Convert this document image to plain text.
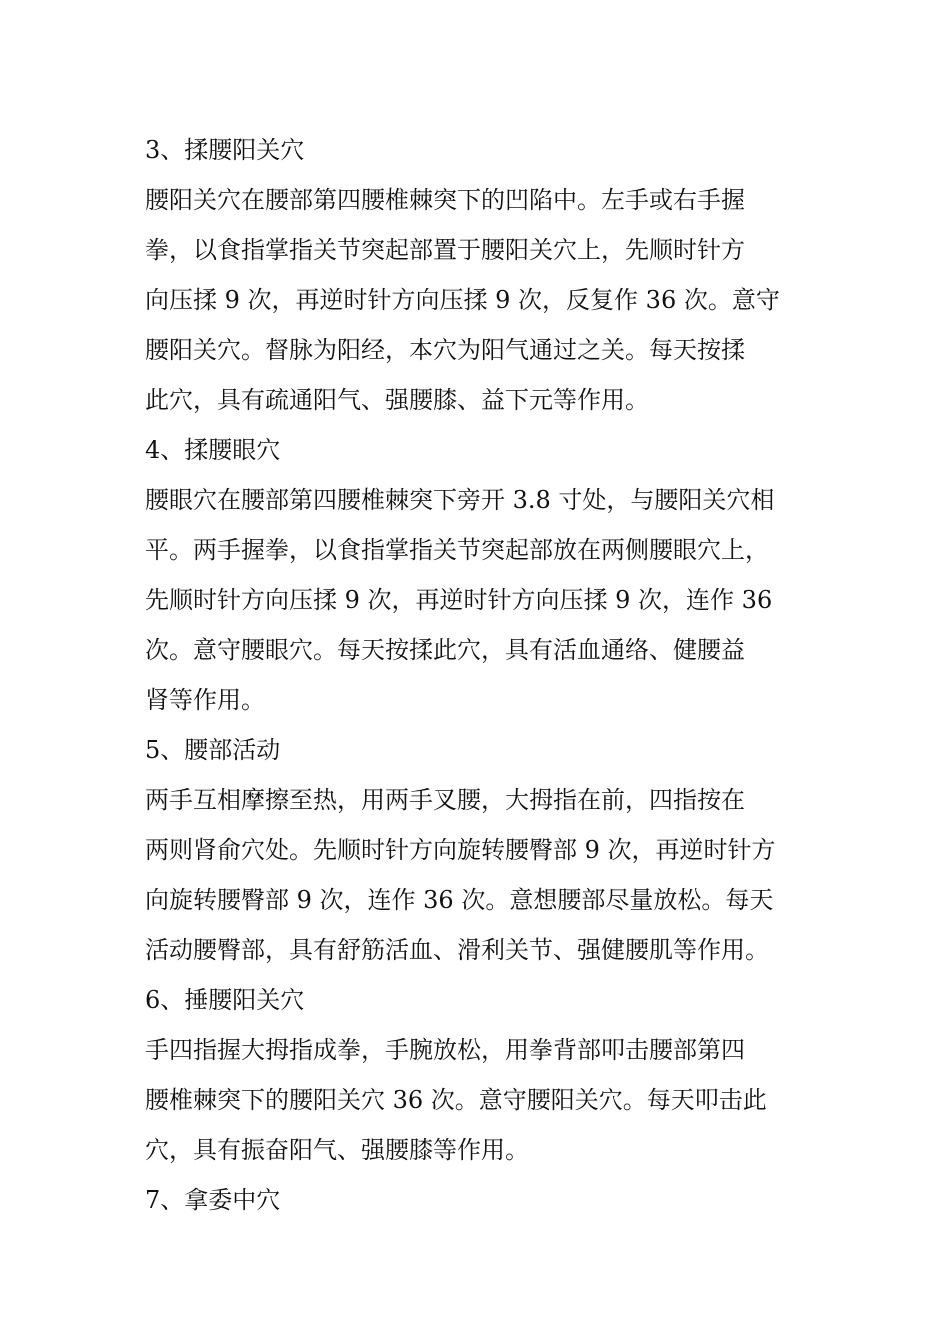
3、揉腰阳关穴
腰阳关穴在腰部第四腰椎棘突下的凹陷中。左手或右手握
拳，以食指掌指关节突起部置于腰阳关穴上，先顺时针方
向压揉 9 次，再逆时针方向压揉 9 次，反复作 36 次。意守
腰阳关穴。督脉为阳经，本穴为阳气通过之关。每天按揉
此穴，具有疏通阳气、强腰膝、益下元等作用。
4、揉腰眼穴
腰眼穴在腰部第四腰椎棘突下旁开 3.8 寸处，与腰阳关穴相
平。两手握拳，以食指掌指关节突起部放在两侧腰眼穴上，
先顺时针方向压揉 9 次，再逆时针方向压揉 9 次，连作 36
次。意守腰眼穴。每天按揉此穴，具有活血通络、健腰益
肾等作用。
5、腰部活动
两手互相摩擦至热，用两手叉腰，大拇指在前，四指按在
两则肾俞穴处。先顺时针方向旋转腰臀部 9 次，再逆时针方
向旋转腰臀部 9 次，连作 36 次。意想腰部尽量放松。每天
活动腰臀部，具有舒筋活血、滑利关节、强健腰肌等作用。
6、捶腰阳关穴
手四指握大拇指成拳，手腕放松，用拳背部叩击腰部第四
腰椎棘突下的腰阳关穴 36 次。意守腰阳关穴。每天叩击此
穴，具有振奋阳气、强腰膝等作用。
7、拿委中穴
